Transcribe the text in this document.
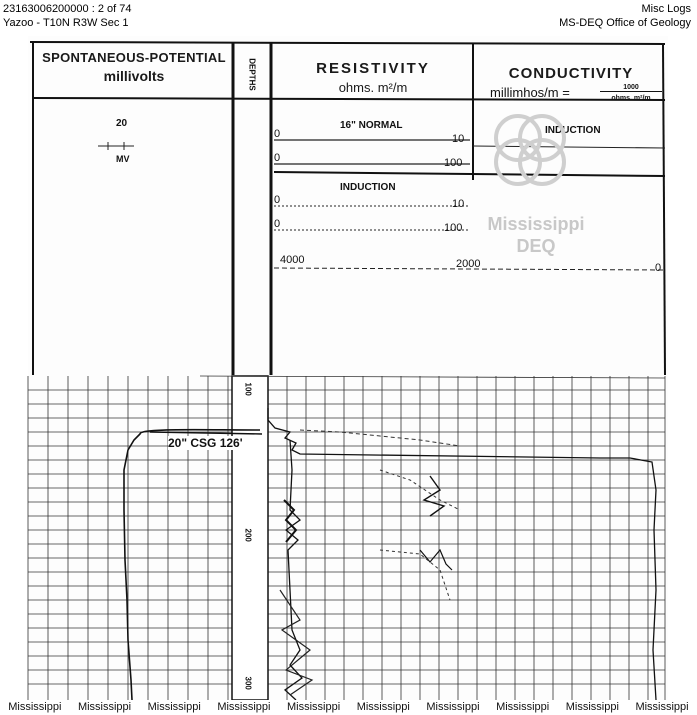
23163006200000 : 2 of 74
Yazoo - T10N R3W Sec 1
Misc Logs
MS-DEQ Office of Geology
SPONTANEOUS-POTENTIAL
millivolts
20
MV
DEPTHS	RESISTIVITY
ohms. m²/m
CONDUCTIVITY
millimhos/m =	1000
ohms. m²/m
16" NORMAL
INDUCTION
INDUCTION
0	10
0	100
0	10
0	100
4000	2000	0
100
200
300
20" CSG 126'
Mississippi
DEQ
Mississippi	Mississippi	Mississippi	Mississippi	Mississippi	Mississippi	Mississippi	Mississippi	Mississippi	Mississippi
